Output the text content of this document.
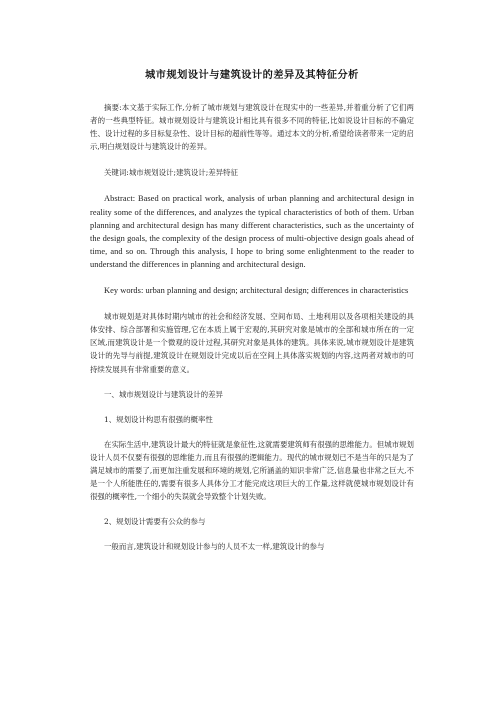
城市规划设计与建筑设计的差异及其特征分析

摘要:本文基于实际工作,分析了城市规划与建筑设计在现实中的一些差异,并着重分析了它们两者的一些典型特征。城市规划设计与建筑设计相比具有很多不同的特征,比如说设计目标的不确定性、设计过程的多目标复杂性、设计目标的超前性等等。通过本文的分析,希望给读者带来一定的启示,明白规划设计与建筑设计的差异。

关键词:城市规划设计;建筑设计;差异特征

Abstract: Based on practical work, analysis of urban planning and architectural design in reality some of the differences, and analyzes the typical characteristics of both of them. Urban planning and architectural design has many different characteristics, such as the uncertainty of the design goals, the complexity of the design process of multi-objective design goals ahead of time, and so on. Through this analysis, I hope to bring some enlightenment to the reader to understand the differences in planning and architectural design.

Key words: urban planning and design; architectural design; differences in characteristics

城市规划是对具体时期内城市的社会和经济发展、空间布局、土地利用以及各项相关建设的具体安排、综合部署和实施管理,它在本质上属于宏观的,其研究对象是城市的全部和城市所在的一定区域,而建筑设计是一个微观的设计过程,其研究对象是具体的建筑。具体来说,城市规划设计是建筑设计的先导与前提,建筑设计在规划设计完成以后在空间上具体落实规划的内容,这两者对城市的可持续发展具有非常重要的意义。

一、城市规划设计与建筑设计的差异

1、规划设计构思有很强的概率性

在实际生活中,建筑设计最大的特征就是象征性,这就需要建筑师有很强的思维能力。但城市规划设计人员不仅要有很强的思维能力,而且有很强的逻辑能力。现代的城市规划已不是当年的只是为了满足城市的需要了,而更加注重发展和环境的规划,它所涵盖的知识非常广泛,信息量也非常之巨大,不是一个人所能胜任的,需要有很多人具体分工才能完成这项巨大的工作量,这样就使城市规划设计有很强的概率性,一个细小的失误就会导致整个计划失败。

2、规划设计需要有公众的参与

一般而言,建筑设计和规划设计参与的人员不太一样,建筑设计的参与
